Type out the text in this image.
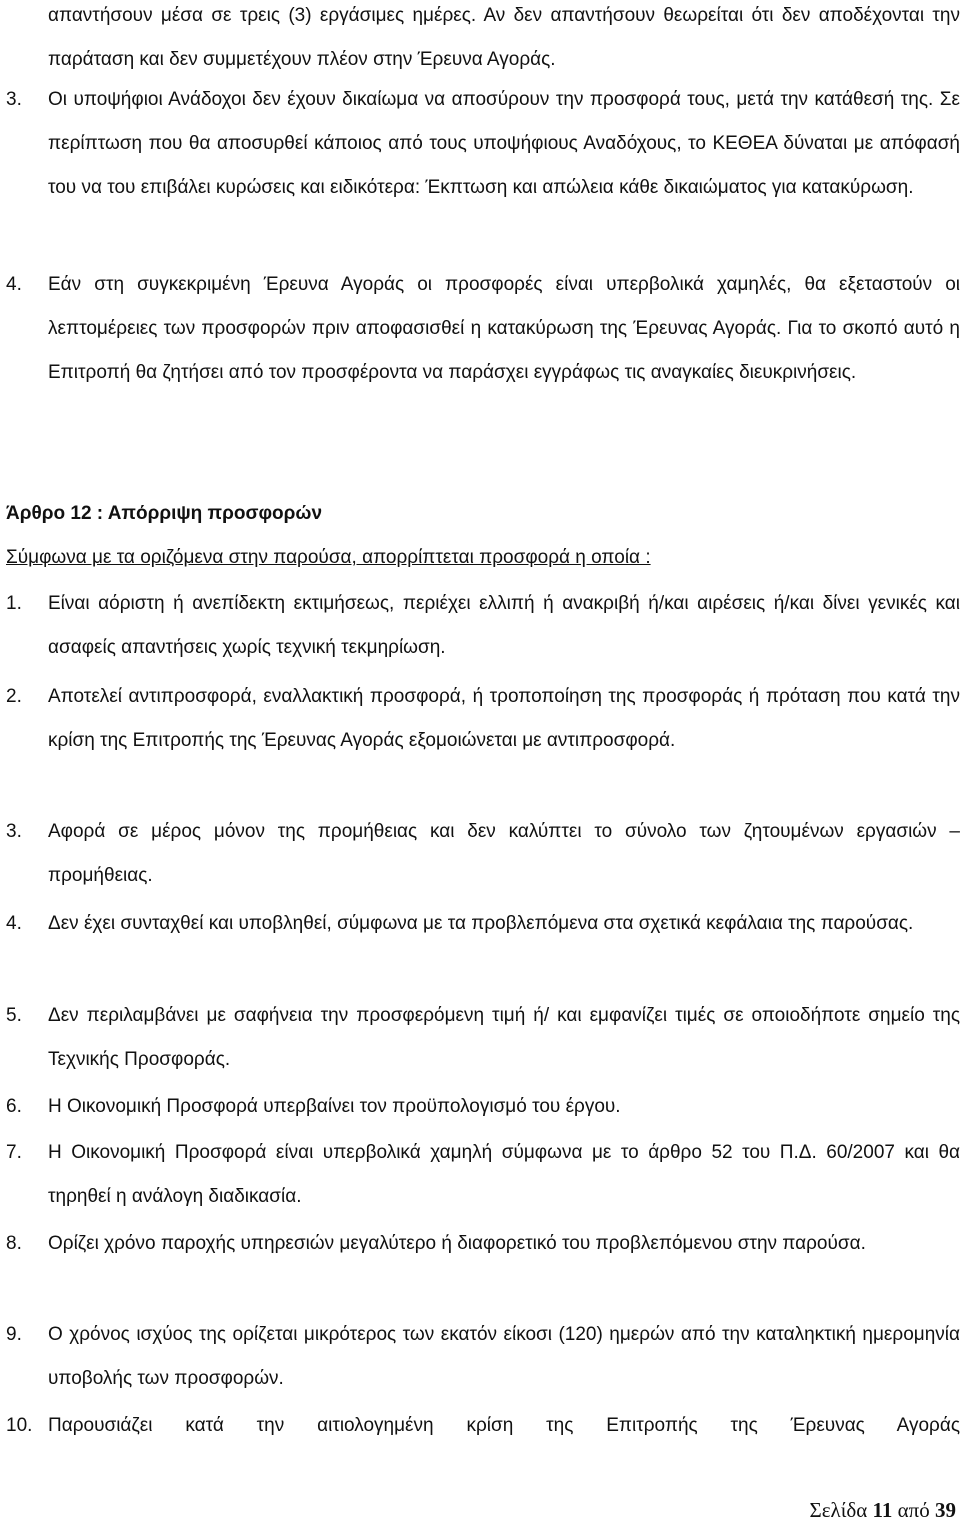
απαντήσουν μέσα σε τρεις (3) εργάσιμες ημέρες. Αν δεν απαντήσουν θεωρείται ότι δεν αποδέχονται την παράταση και δεν συμμετέχουν πλέον στην Έρευνα Αγοράς.
3. Οι υποψήφιοι Ανάδοχοι δεν έχουν δικαίωμα να αποσύρουν την προσφορά τους, μετά την κατάθεσή της. Σε περίπτωση που θα αποσυρθεί κάποιος από τους υποψήφιους Αναδόχους, το ΚΕΘΕΑ δύναται με απόφασή του να του επιβάλει κυρώσεις και ειδικότερα: Έκπτωση και απώλεια κάθε δικαιώματος για κατακύρωση.
4. Εάν στη συγκεκριμένη Έρευνα Αγοράς οι προσφορές είναι υπερβολικά χαμηλές, θα εξεταστούν οι λεπτομέρειες των προσφορών πριν αποφασισθεί η κατακύρωση της Έρευνας Αγοράς. Για το σκοπό αυτό η Επιτροπή θα ζητήσει από τον προσφέροντα να παράσχει εγγράφως τις αναγκαίες διευκρινήσεις.
Άρθρο 12 : Απόρριψη προσφορών
Σύμφωνα με τα οριζόμενα στην παρούσα, απορρίπτεται προσφορά η οποία :
1. Είναι αόριστη ή ανεπίδεκτη εκτιμήσεως, περιέχει ελλιπή ή ανακριβή ή/και αιρέσεις ή/και δίνει γενικές και ασαφείς απαντήσεις χωρίς τεχνική τεκμηρίωση.
2. Αποτελεί αντιπροσφορά, εναλλακτική προσφορά, ή τροποποίηση της προσφοράς ή πρόταση που κατά την κρίση της Επιτροπής της Έρευνας Αγοράς εξομοιώνεται με αντιπροσφορά.
3. Αφορά σε μέρος μόνον της προμήθειας και δεν καλύπτει το σύνολο των ζητουμένων εργασιών – προμήθειας.
4. Δεν έχει συνταχθεί και υποβληθεί, σύμφωνα με τα προβλεπόμενα στα σχετικά κεφάλαια της παρούσας.
5. Δεν περιλαμβάνει με σαφήνεια την προσφερόμενη τιμή ή/ και εμφανίζει τιμές σε οποιοδήποτε σημείο της Τεχνικής Προσφοράς.
6. Η Οικονομική Προσφορά υπερβαίνει τον προϋπολογισμό του έργου.
7. Η Οικονομική Προσφορά είναι υπερβολικά χαμηλή σύμφωνα με το άρθρο 52 του Π.Δ. 60/2007 και θα τηρηθεί η ανάλογη διαδικασία.
8. Ορίζει χρόνο παροχής υπηρεσιών μεγαλύτερο ή διαφορετικό του προβλεπόμενου στην παρούσα.
9. Ο χρόνος ισχύος της ορίζεται μικρότερος των εκατόν είκοσι (120) ημερών από την καταληκτική ημερομηνία υποβολής των προσφορών.
10. Παρουσιάζει κατά την αιτιολογημένη κρίση της Επιτροπής της Έρευνας Αγοράς
Σελίδα 11 από 39
